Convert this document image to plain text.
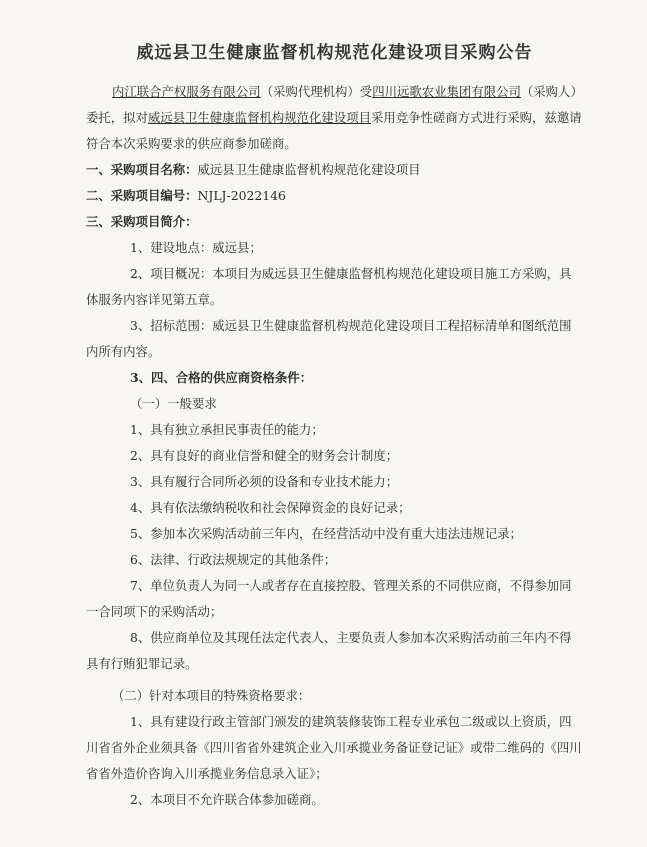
威远县卫生健康监督机构规范化建设项目采购公告

内江联合产权服务有限公司（采购代理机构）受四川远歌农业集团有限公司（采购人）委托，拟对威远县卫生健康监督机构规范化建设项目采用竞争性磋商方式进行采购，兹邀请符合本次采购要求的供应商参加磋商。

一、采购项目名称：威远县卫生健康监督机构规范化建设项目

二、采购项目编号：NJLJ-2022146

三、采购项目简介：

1、建设地点：威远县；

2、项目概况：本项目为威远县卫生健康监督机构规范化建设项目施工方采购，具体服务内容详见第五章。

3、招标范围：威远县卫生健康监督机构规范化建设项目工程招标清单和图纸范围内所有内容。

3、四、合格的供应商资格条件：

（一）一般要求

1、具有独立承担民事责任的能力；

2、具有良好的商业信誉和健全的财务会计制度；

3、具有履行合同所必须的设备和专业技术能力；

4、具有依法缴纳税收和社会保障资金的良好记录；

5、参加本次采购活动前三年内，在经营活动中没有重大违法违规记录；

6、法律、行政法规规定的其他条件；

7、单位负责人为同一人或者存在直接控股、管理关系的不同供应商，不得参加同一合同项下的采购活动；

8、供应商单位及其现任法定代表人、主要负责人参加本次采购活动前三年内不得具有行贿犯罪记录。

（二）针对本项目的特殊资格要求：

1、具有建设行政主管部门颁发的建筑装修装饰工程专业承包二级或以上资质，四川省省外企业须具备《四川省省外建筑企业入川承揽业务备证登记证》或带二维码的《四川省省外造价咨询入川承揽业务信息录入证》；

2、本项目不允许联合体参加磋商。
